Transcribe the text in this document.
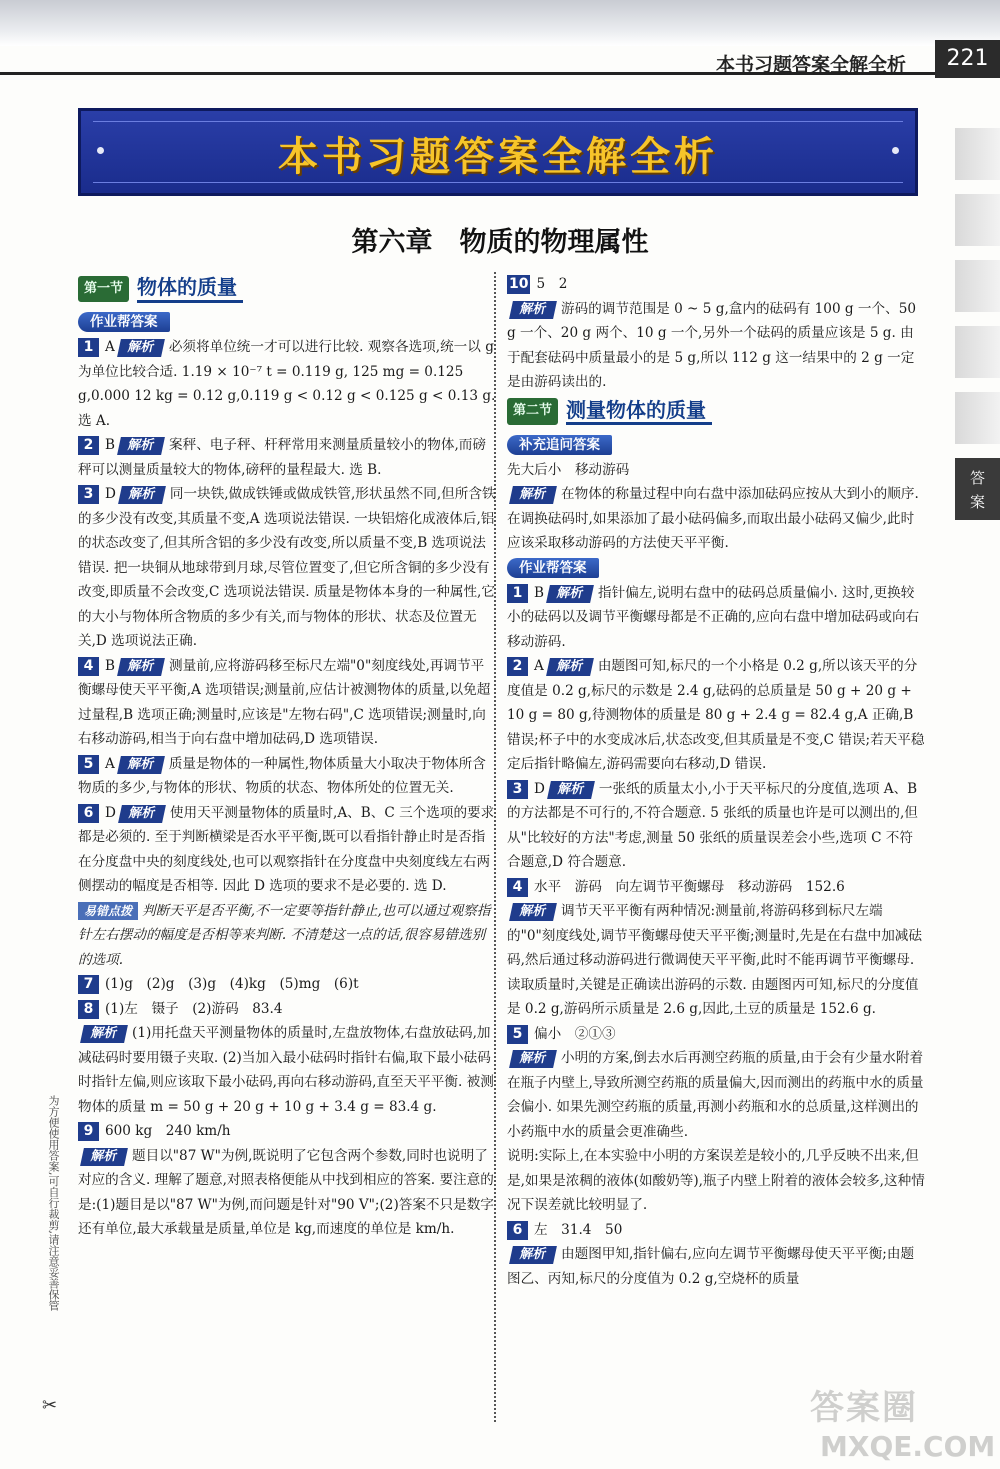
本书习题答案全解全析	221
答
案
本书习题答案全解全析
第六章　物质的物理属性
为方便使用答案,可自行裁剪,请注意妥善保管
✂
第一节 物体的质量
作业帮答案
1 A 解析 必须将单位统一才可以进行比较. 观察各选项,统一以 g 为单位比较合适. 1.19 × 10⁻⁷ t = 0.119 g, 125 mg = 0.125 g,0.000 12 kg = 0.12 g,0.119 g < 0.12 g < 0.125 g < 0.13 g. 选 A.
2 B 解析 案秤、电子秤、杆秤常用来测量质量较小的物体,而磅秤可以测量质量较大的物体,磅秤的量程最大. 选 B.
3 D 解析 同一块铁,做成铁锤或做成铁管,形状虽然不同,但所含铁的多少没有改变,其质量不变,A 选项说法错误. 一块铝熔化成液体后,铝的状态改变了,但其所含铝的多少没有改变,所以质量不变,B 选项说法错误. 把一块铜从地球带到月球,尽管位置变了,但它所含铜的多少没有改变,即质量不会改变,C 选项说法错误. 质量是物体本身的一种属性,它的大小与物体所含物质的多少有关,而与物体的形状、状态及位置无关,D 选项说法正确.
4 B 解析 测量前,应将游码移至标尺左端"0"刻度线处,再调节平衡螺母使天平平衡,A 选项错误;测量前,应估计被测物体的质量,以免超过量程,B 选项正确;测量时,应该是"左物右码",C 选项错误;测量时,向右移动游码,相当于向右盘中增加砝码,D 选项错误.
5 A 解析 质量是物体的一种属性,物体质量大小取决于物体所含物质的多少,与物体的形状、物质的状态、物体所处的位置无关.
6 D 解析 使用天平测量物体的质量时,A、B、C 三个选项的要求都是必须的. 至于判断横梁是否水平平衡,既可以看指针静止时是否指在分度盘中央的刻度线处,也可以观察指针在分度盘中央刻度线左右两侧摆动的幅度是否相等. 因此 D 选项的要求不是必要的. 选 D.
易错点拨 判断天平是否平衡,不一定要等指针静止,也可以通过观察指针左右摆动的幅度是否相等来判断. 不清楚这一点的话,很容易错选别的选项.
7 (1)g　(2)g　(3)g　(4)kg　(5)mg　(6)t
8 (1)左　镊子　(2)游码　83.4
解析 (1)用托盘天平测量物体的质量时,左盘放物体,右盘放砝码,加减砝码时要用镊子夹取. (2)当加入最小砝码时指针右偏,取下最小砝码时指针左偏,则应该取下最小砝码,再向右移动游码,直至天平平衡. 被测物体的质量 m = 50 g + 20 g + 10 g + 3.4 g = 83.4 g.
9 600 kg　240 km/h
解析 题目以"87 W"为例,既说明了它包含两个参数,同时也说明了对应的含义. 理解了题意,对照表格便能从中找到相应的答案. 要注意的是:(1)题目是以"87 W"为例,而问题是针对"90 V";(2)答案不只是数字还有单位,最大承载量是质量,单位是 kg,而速度的单位是 km/h.
10 5　2
解析 游码的调节范围是 0 ~ 5 g,盒内的砝码有 100 g 一个、50 g 一个、20 g 两个、10 g 一个,另外一个砝码的质量应该是 5 g. 由于配套砝码中质量最小的是 5 g,所以 112 g 这一结果中的 2 g 一定是由游码读出的.
第二节 测量物体的质量
补充追问答案
先大后小　移动游码
解析 在物体的称量过程中向右盘中添加砝码应按从大到小的顺序. 在调换砝码时,如果添加了最小砝码偏多,而取出最小砝码又偏少,此时应该采取移动游码的方法使天平平衡.
作业帮答案
1 B 解析 指针偏左,说明右盘中的砝码总质量偏小. 这时,更换较小的砝码以及调节平衡螺母都是不正确的,应向右盘中增加砝码或向右移动游码.
2 A 解析 由题图可知,标尺的一个小格是 0.2 g,所以该天平的分度值是 0.2 g,标尺的示数是 2.4 g,砝码的总质量是 50 g + 20 g + 10 g = 80 g,待测物体的质量是 80 g + 2.4 g = 82.4 g,A 正确,B 错误;杯子中的水变成冰后,状态改变,但其质量是不变,C 错误;若天平稳定后指针略偏左,游码需要向右移动,D 错误.
3 D 解析 一张纸的质量太小,小于天平标尺的分度值,选项 A、B 的方法都是不可行的,不符合题意. 5 张纸的质量也许是可以测出的,但从"比较好的方法"考虑,测量 50 张纸的质量误差会小些,选项 C 不符合题意,D 符合题意.
4 水平　游码　向左调节平衡螺母　移动游码　152.6
解析 调节天平平衡有两种情况:测量前,将游码移到标尺左端的"0"刻度线处,调节平衡螺母使天平平衡;测量时,先是在右盘中加减砝码,然后通过移动游码进行微调使天平平衡,此时不能再调节平衡螺母. 读取质量时,关键是正确读出游码的示数. 由题图丙可知,标尺的分度值是 0.2 g,游码所示质量是 2.6 g,因此,土豆的质量是 152.6 g.
5 偏小　②①③
解析 小明的方案,倒去水后再测空药瓶的质量,由于会有少量水附着在瓶子内壁上,导致所测空药瓶的质量偏大,因而测出的药瓶中水的质量会偏小. 如果先测空药瓶的质量,再测小药瓶和水的总质量,这样测出的小药瓶中水的质量会更准确些.
说明:实际上,在本实验中小明的方案误差是较小的,几乎反映不出来,但是,如果是浓稠的液体(如酸奶等),瓶子内壁上附着的液体会较多,这种情况下误差就比较明显了.
6 左　31.4　50
解析 由题图甲知,指针偏右,应向左调节平衡螺母使天平平衡;由题图乙、丙知,标尺的分度值为 0.2 g,空烧杯的质量
答案圈
MXQE.COM
